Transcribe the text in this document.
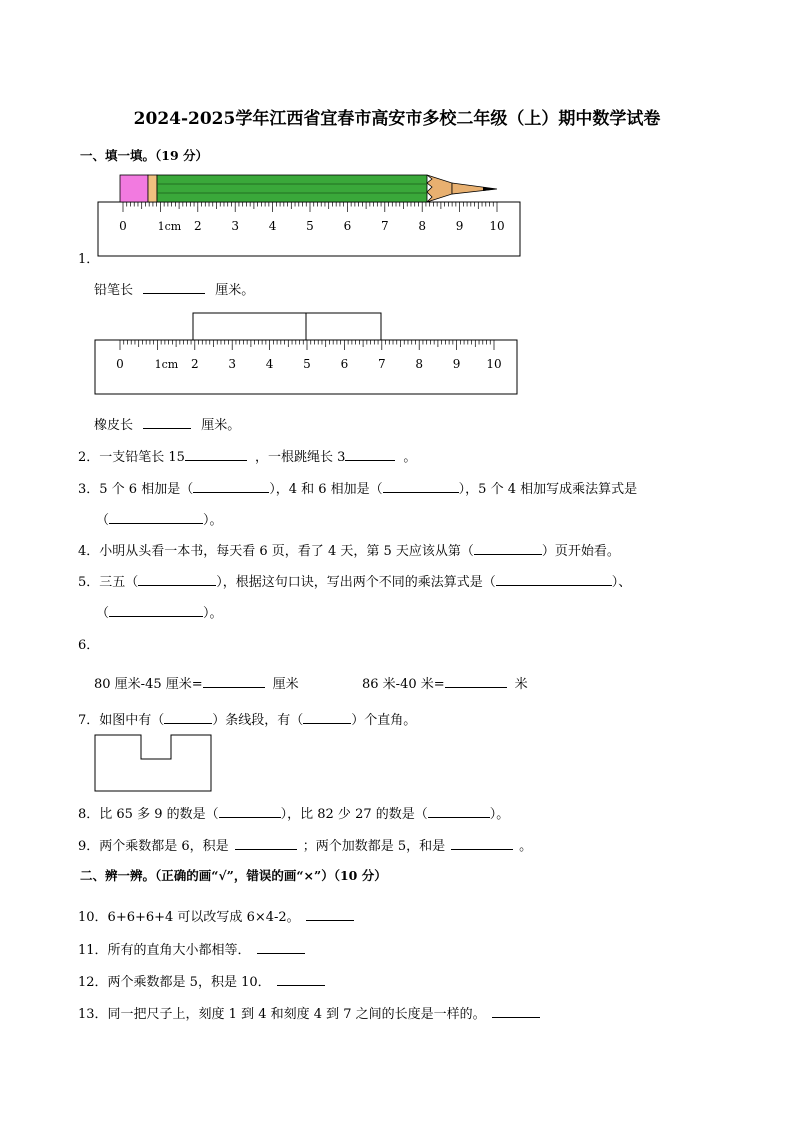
2024-2025学年江西省宜春市高安市多校二年级（上）期中数学试卷
一、填一填。（19 分）
0	1cm 2 3 4 5 6 7 8 9 10
1．
铅笔长	厘米。
0	1cm 2 3 4 5 6 7 8 9 10
橡皮长	厘米。
2．一支铅笔长 15	，一根跳绳长 3	。
3．5 个 6 相加是（	），4 和 6 相加是（	），5 个 4 相加写成乘法算式是
（	）。
4．小明从头看一本书，每天看 6 页，看了 4 天，第 5 天应该从第（	）页开始看。
5．三五（	），根据这句口诀，写出两个不同的乘法算式是（	）、
（	）。
6．
80 厘米-45 厘米=	厘米	86 米-40 米=	米
7．如图中有（	）条线段，有（	）个直角。
8．比 65 多 9 的数是（	），比 82 少 27 的数是（	）。
9．两个乘数都是 6，积是	；两个加数都是 5，和是	。
二、辨一辨。（正确的画“√”，错误的画“×”）（10 分）
10．6+6+6+4 可以改写成 6×4-2。
11．所有的直角大小都相等．
12．两个乘数都是 5，积是 10．
13．同一把尺子上，刻度 1 到 4 和刻度 4 到 7 之间的长度是一样的。
